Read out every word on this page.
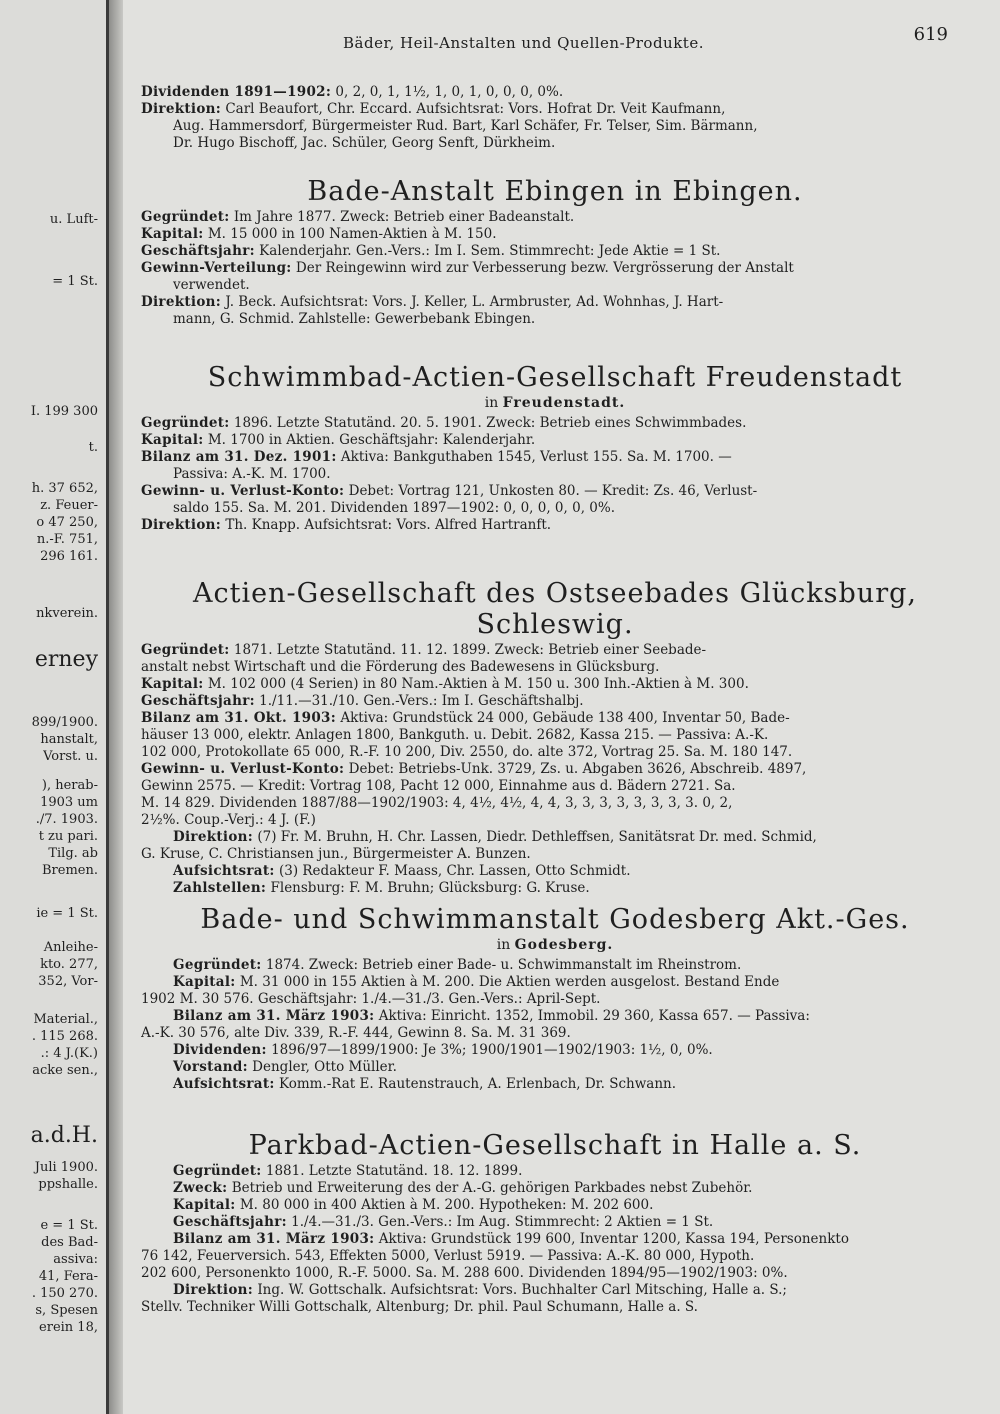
u. Luft-
= 1 St.
I. 199 300
t.
h. 37 652,
z. Feuer-
o 47 250,
n.-F. 751,
296 161.
nkverein.
erney
899/1900.
hanstalt,
Vorst. u.
), herab-
1903 um
./7. 1903.
t zu pari.
Tilg. ab
Bremen.
ie = 1 St.
Anleihe-
kto. 277,
352, Vor-
Material.,
. 115 268.
.: 4 J.(K.)
acke sen.,
a.d.H.
Juli 1900.
ppshalle.
e = 1 St.
des Bad-
assiva:
41, Fera-
. 150 270.
s, Spesen
erein 18,
Bäder, Heil-Anstalten und Quellen-Produkte.	619
Dividenden 1891—1902: 0, 2, 0, 1, 1½, 1, 0, 1, 0, 0, 0, 0%.
Direktion: Carl Beaufort, Chr. Eccard. Aufsichtsrat: Vors. Hofrat Dr. Veit Kaufmann,
Aug. Hammersdorf, Bürgermeister Rud. Bart, Karl Schäfer, Fr. Telser, Sim. Bärmann,
Dr. Hugo Bischoff, Jac. Schüler, Georg Senft, Dürkheim.
Bade-Anstalt Ebingen in Ebingen.
Gegründet: Im Jahre 1877. Zweck: Betrieb einer Badeanstalt.
Kapital: M. 15 000 in 100 Namen-Aktien à M. 150.
Geschäftsjahr: Kalenderjahr. Gen.-Vers.: Im I. Sem. Stimmrecht: Jede Aktie = 1 St.
Gewinn-Verteilung: Der Reingewinn wird zur Verbesserung bezw. Vergrösserung der Anstalt
verwendet.
Direktion: J. Beck. Aufsichtsrat: Vors. J. Keller, L. Armbruster, Ad. Wohnhas, J. Hart-
mann, G. Schmid. Zahlstelle: Gewerbebank Ebingen.
Schwimmbad-Actien-Gesellschaft Freudenstadt
in Freudenstadt.
Gegründet: 1896. Letzte Statutänd. 20. 5. 1901. Zweck: Betrieb eines Schwimmbades.
Kapital: M. 1700 in Aktien. Geschäftsjahr: Kalenderjahr.
Bilanz am 31. Dez. 1901: Aktiva: Bankguthaben 1545, Verlust 155. Sa. M. 1700. —
Passiva: A.-K. M. 1700.
Gewinn- u. Verlust-Konto: Debet: Vortrag 121, Unkosten 80. — Kredit: Zs. 46, Verlust-
saldo 155. Sa. M. 201. Dividenden 1897—1902: 0, 0, 0, 0, 0, 0%.
Direktion: Th. Knapp. Aufsichtsrat: Vors. Alfred Hartranft.
Actien-Gesellschaft des Ostseebades Glücksburg, Schleswig.
Gegründet: 1871. Letzte Statutänd. 11. 12. 1899. Zweck: Betrieb einer Seebade-
anstalt nebst Wirtschaft und die Förderung des Badewesens in Glücksburg.
Kapital: M. 102 000 (4 Serien) in 80 Nam.-Aktien à M. 150 u. 300 Inh.-Aktien à M. 300.
Geschäftsjahr: 1./11.—31./10. Gen.-Vers.: Im I. Geschäftshalbj.
Bilanz am 31. Okt. 1903: Aktiva: Grundstück 24 000, Gebäude 138 400, Inventar 50, Bade-
häuser 13 000, elektr. Anlagen 1800, Bankguth. u. Debit. 2682, Kassa 215. — Passiva: A.-K.
102 000, Protokollate 65 000, R.-F. 10 200, Div. 2550, do. alte 372, Vortrag 25. Sa. M. 180 147.
Gewinn- u. Verlust-Konto: Debet: Betriebs-Unk. 3729, Zs. u. Abgaben 3626, Abschreib. 4897,
Gewinn 2575. — Kredit: Vortrag 108, Pacht 12 000, Einnahme aus d. Bädern 2721. Sa.
M. 14 829. Dividenden 1887/88—1902/1903: 4, 4½, 4½, 4, 4, 3, 3, 3, 3, 3, 3, 3, 3. 0, 2,
2½%. Coup.-Verj.: 4 J. (F.)
Direktion: (7) Fr. M. Bruhn, H. Chr. Lassen, Diedr. Dethleffsen, Sanitätsrat Dr. med. Schmid,
G. Kruse, C. Christiansen jun., Bürgermeister A. Bunzen.
Aufsichtsrat: (3) Redakteur F. Maass, Chr. Lassen, Otto Schmidt.
Zahlstellen: Flensburg: F. M. Bruhn; Glücksburg: G. Kruse.
Bade- und Schwimmanstalt Godesberg Akt.-Ges.
in Godesberg.
Gegründet: 1874. Zweck: Betrieb einer Bade- u. Schwimmanstalt im Rheinstrom.
Kapital: M. 31 000 in 155 Aktien à M. 200. Die Aktien werden ausgelost. Bestand Ende
1902 M. 30 576. Geschäftsjahr: 1./4.—31./3. Gen.-Vers.: April-Sept.
Bilanz am 31. März 1903: Aktiva: Einricht. 1352, Immobil. 29 360, Kassa 657. — Passiva:
A.-K. 30 576, alte Div. 339, R.-F. 444, Gewinn 8. Sa. M. 31 369.
Dividenden: 1896/97—1899/1900: Je 3%; 1900/1901—1902/1903: 1½, 0, 0%.
Vorstand: Dengler, Otto Müller.
Aufsichtsrat: Komm.-Rat E. Rautenstrauch, A. Erlenbach, Dr. Schwann.
Parkbad-Actien-Gesellschaft in Halle a. S.
Gegründet: 1881. Letzte Statutänd. 18. 12. 1899.
Zweck: Betrieb und Erweiterung des der A.-G. gehörigen Parkbades nebst Zubehör.
Kapital: M. 80 000 in 400 Aktien à M. 200. Hypotheken: M. 202 600.
Geschäftsjahr: 1./4.—31./3. Gen.-Vers.: Im Aug. Stimmrecht: 2 Aktien = 1 St.
Bilanz am 31. März 1903: Aktiva: Grundstück 199 600, Inventar 1200, Kassa 194, Personenkto
76 142, Feuerversich. 543, Effekten 5000, Verlust 5919. — Passiva: A.-K. 80 000, Hypoth.
202 600, Personenkto 1000, R.-F. 5000. Sa. M. 288 600. Dividenden 1894/95—1902/1903: 0%.
Direktion: Ing. W. Gottschalk. Aufsichtsrat: Vors. Buchhalter Carl Mitsching, Halle a. S.;
Stellv. Techniker Willi Gottschalk, Altenburg; Dr. phil. Paul Schumann, Halle a. S.
